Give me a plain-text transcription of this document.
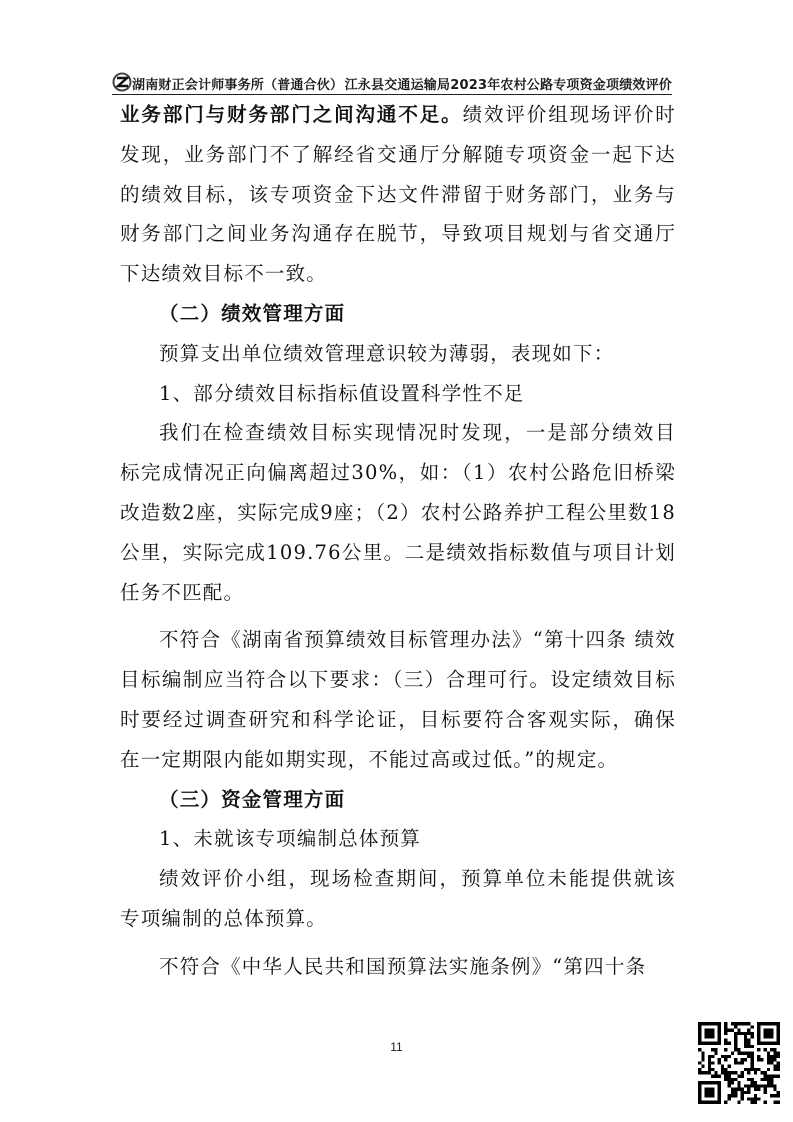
湖南财正会计师事务所（普通合伙） 江永县交通运输局2023年农村公路专项资金项绩效评价

业务部门与财务部门之间沟通不足。绩效评价组现场评价时发现，业务部门不了解经省交通厅分解随专项资金一起下达的绩效目标，该专项资金下达文件滞留于财务部门，业务与财务部门之间业务沟通存在脱节，导致项目规划与省交通厅下达绩效目标不一致。

（二）绩效管理方面

预算支出单位绩效管理意识较为薄弱，表现如下：

1、部分绩效目标指标值设置科学性不足

我们在检查绩效目标实现情况时发现，一是部分绩效目标完成情况正向偏离超过30%，如：（1）农村公路危旧桥梁改造数2座，实际完成9座；（2）农村公路养护工程公里数18公里，实际完成109.76公里。二是绩效指标数值与项目计划任务不匹配。

不符合《湖南省预算绩效目标管理办法》“第十四条 绩效目标编制应当符合以下要求：（三）合理可行。设定绩效目标时要经过调查研究和科学论证，目标要符合客观实际，确保在一定期限内能如期实现，不能过高或过低。”的规定。

（三）资金管理方面

1、未就该专项编制总体预算

绩效评价小组，现场检查期间，预算单位未能提供就该专项编制的总体预算。

不符合《中华人民共和国预算法实施条例》“第四十条

11
